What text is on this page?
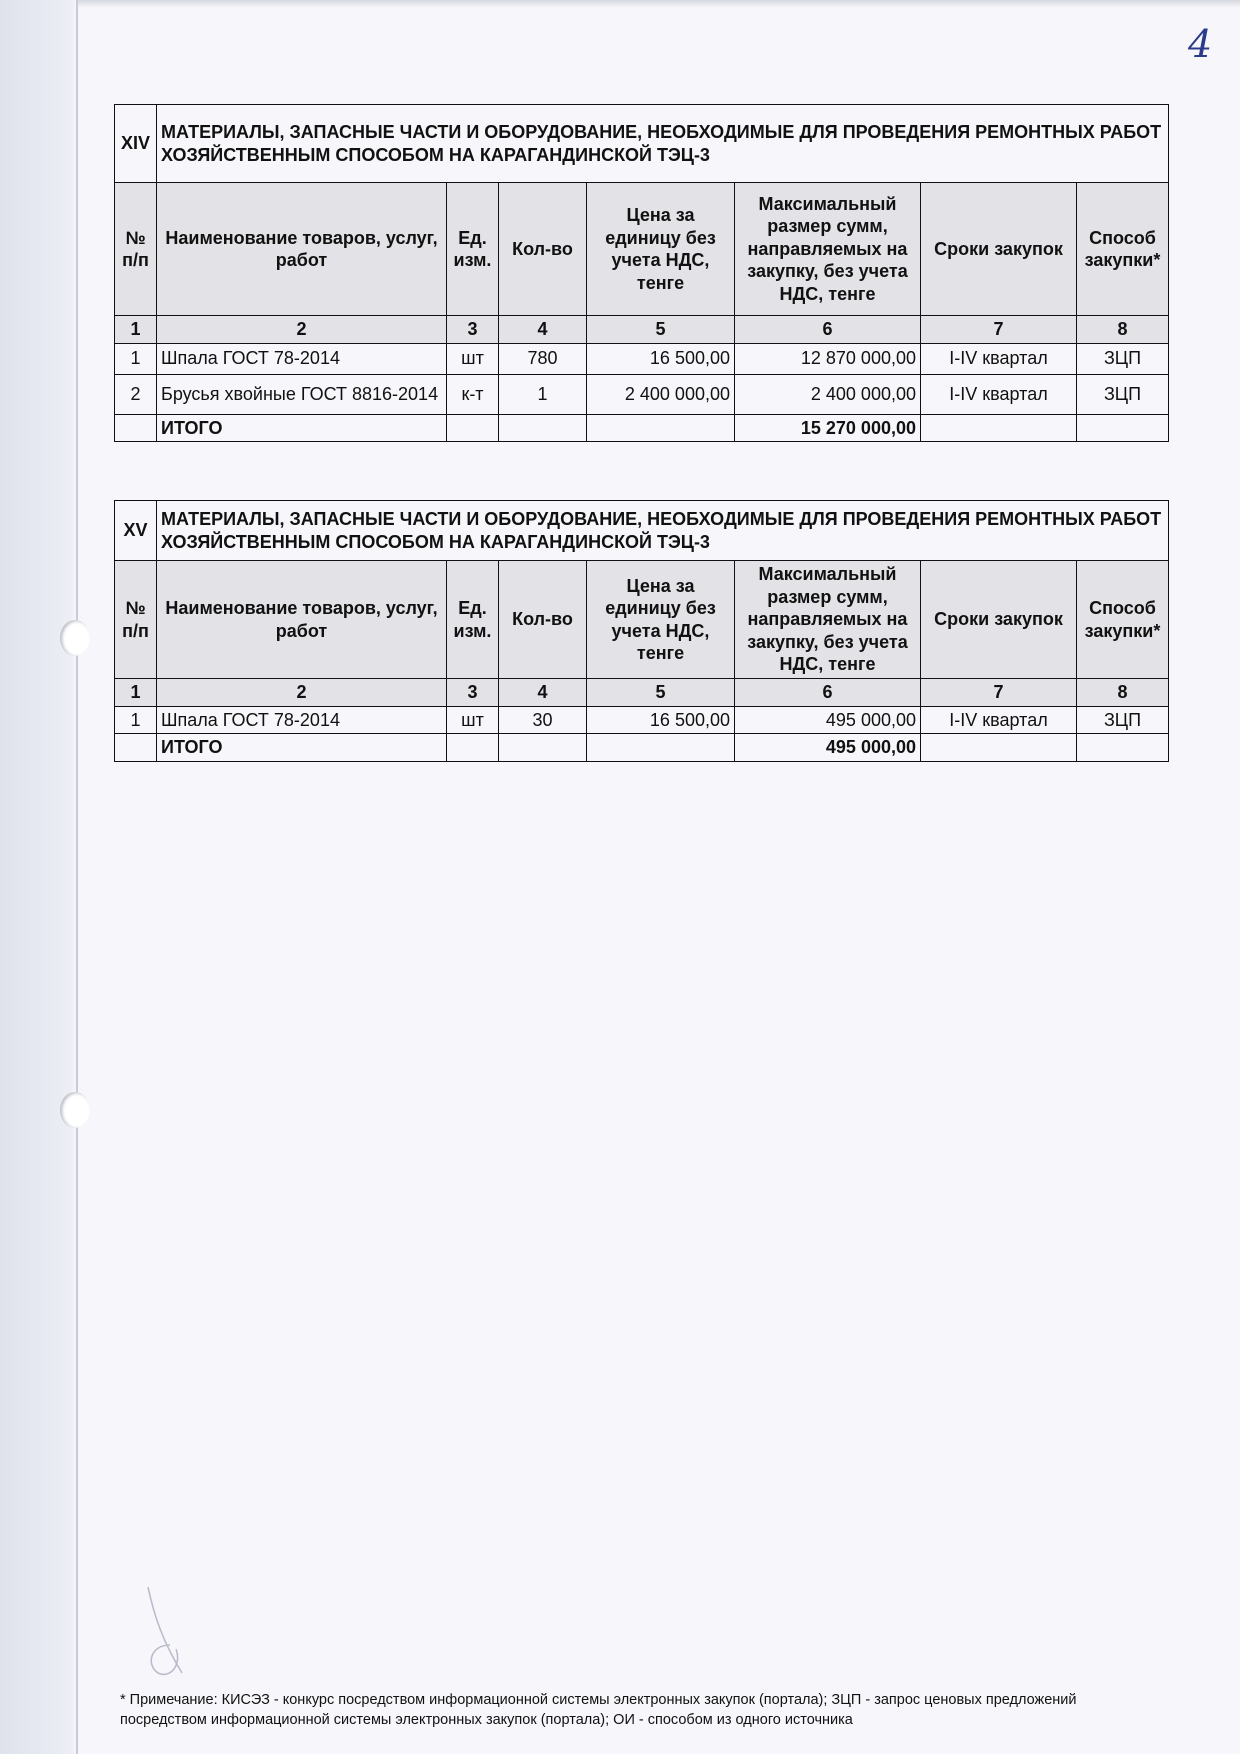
4
XIV	МАТЕРИАЛЫ, ЗАПАСНЫЕ ЧАСТИ И ОБОРУДОВАНИЕ, НЕОБХОДИМЫЕ ДЛЯ ПРОВЕДЕНИЯ РЕМОНТНЫХ РАБОТ ХОЗЯЙСТВЕННЫМ СПОСОБОМ НА КАРАГАНДИНСКОЙ ТЭЦ-3						
№ п/п	Наименование товаров, услуг, работ	Ед. изм.	Кол-во	Цена за единицу без учета НДС, тенге	Максимальный размер сумм, направляемых на закупку, без учета НДС, тенге	Сроки закупок	Способ закупки*
1	2	3	4	5	6	7	8
1	Шпала ГОСТ 78-2014	шт	780	16 500,00	12 870 000,00	I-IV квартал	ЗЦП
2	Брусья хвойные ГОСТ 8816-2014	к-т	1	2 400 000,00	2 400 000,00	I-IV квартал	ЗЦП
	ИТОГО				15 270 000,00		
XV	МАТЕРИАЛЫ, ЗАПАСНЫЕ ЧАСТИ И ОБОРУДОВАНИЕ, НЕОБХОДИМЫЕ ДЛЯ ПРОВЕДЕНИЯ РЕМОНТНЫХ РАБОТ ХОЗЯЙСТВЕННЫМ СПОСОБОМ НА КАРАГАНДИНСКОЙ ТЭЦ-3						
№ п/п	Наименование товаров, услуг, работ	Ед. изм.	Кол-во	Цена за единицу без учета НДС, тенге	Максимальный размер сумм, направляемых на закупку, без учета НДС, тенге	Сроки закупок	Способ закупки*
1	2	3	4	5	6	7	8
1	Шпала ГОСТ 78-2014	шт	30	16 500,00	495 000,00	I-IV квартал	ЗЦП
	ИТОГО				495 000,00		
* Примечание: КИСЭЗ - конкурс посредством информационной системы электронных закупок (портала); ЗЦП - запрос ценовых предложений посредством информационной системы электронных закупок (портала); ОИ - способом из одного источника
